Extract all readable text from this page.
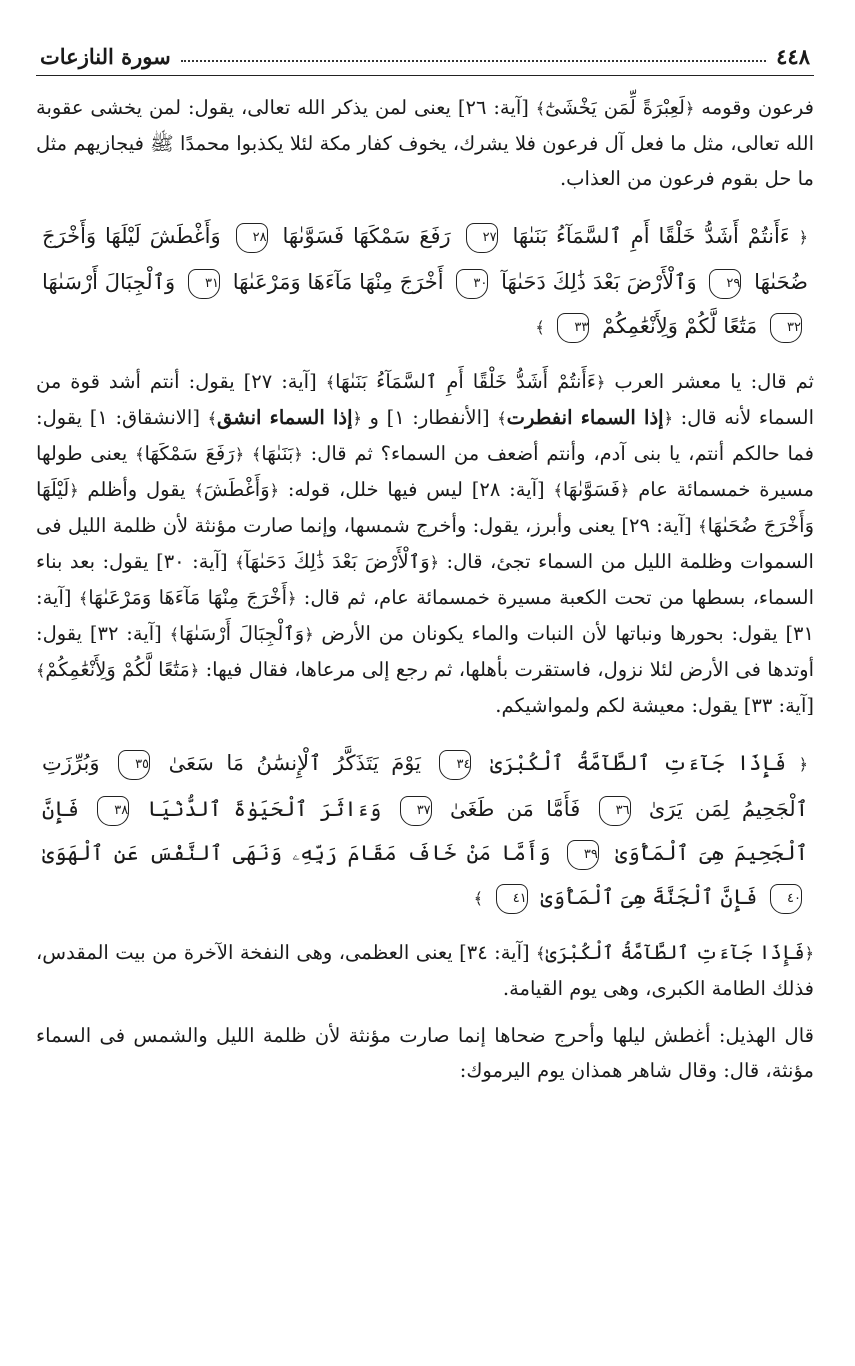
٤٤٨
سورة النازعات

فرعون وقومه ﴿لَعِبْرَةً لِّمَن يَخْشَىٰٓ﴾ [آية: ٢٦] يعنى لمن يذكر الله تعالى، يقول: لمن يخشى عقوبة الله تعالى، مثل ما فعل آل فرعون فلا يشرك، يخوف كفار مكة لئلا يكذبوا محمدًا ﷺ فيجازيهم مثل ما حل بقوم فرعون من العذاب.

﴿ ءَأَنتُمْ أَشَدُّ خَلْقًا أَمِ ٱلسَّمَآءُ بَنَىٰهَا ٢٧ رَفَعَ سَمْكَهَا فَسَوَّىٰهَا ٢٨ وَأَغْطَشَ لَيْلَهَا وَأَخْرَجَ ضُحَىٰهَا ٢٩ وَٱلْأَرْضَ بَعْدَ ذَٰلِكَ دَحَىٰهَآ ٣٠ أَخْرَجَ مِنْهَا مَآءَهَا وَمَرْعَىٰهَا ٣١ وَٱلْجِبَالَ أَرْسَىٰهَا ٣٢ مَتَٰعًا لَّكُمْ وَلِأَنْعَٰمِكُمْ ٣٣ ﴾

ثم قال: يا معشر العرب ﴿ءَأَنتُمْ أَشَدُّ خَلْقًا أَمِ ٱلسَّمَآءُ بَنَىٰهَا﴾ [آية: ٢٧] يقول: أنتم أشد قوة من السماء لأنه قال: ﴿إذا السماء انفطرت﴾ [الأنفطار: ١] و ﴿إذا السماء انشق﴾ [الانشقاق: ١] يقول: فما حالكم أنتم، يا بنى آدم، وأنتم أضعف من السماء؟ ثم قال: ﴿بَنَىٰهَا﴾ ﴿رَفَعَ سَمْكَهَا﴾ يعنى طولها مسيرة خمسمائة عام ﴿فَسَوَّىٰهَا﴾ [آية: ٢٨] ليس فيها خلل، قوله: ﴿وَأَغْطَشَ﴾ يقول وأظلم ﴿لَيْلَهَا وَأَخْرَجَ ضُحَىٰهَا﴾ [آية: ٢٩] يعنى وأبرز، يقول: وأخرج شمسها، وإنما صارت مؤنثة لأن ظلمة الليل فى السموات وظلمة الليل من السماء تجئ، قال: ﴿وَٱلْأَرْضَ بَعْدَ ذَٰلِكَ دَحَىٰهَآ﴾ [آية: ٣٠] يقول: بعد بناء السماء، بسطها من تحت الكعبة مسيرة خمسمائة عام، ثم قال: ﴿أَخْرَجَ مِنْهَا مَآءَهَا وَمَرْعَىٰهَا﴾ [آية: ٣١] يقول: بحورها ونباتها لأن النبات والماء يكونان من الأرض ﴿وَٱلْجِبَالَ أَرْسَىٰهَا﴾ [آية: ٣٢] يقول: أوتدها فى الأرض لئلا نزول، فاستقرت بأهلها، ثم رجع إلى مرعاها، فقال فيها: ﴿مَتَٰعًا لَّكُمْ وَلِأَنْعَٰمِكُمْ﴾ [آية: ٣٣] يقول: معيشة لكم ولمواشيكم.

﴿ فَإِذَا جَآءَتِ ٱلطَّآمَّةُ ٱلْكُبْرَىٰ ٣٤ يَوْمَ يَتَذَكَّرُ ٱلْإِنسَٰنُ مَا سَعَىٰ ٣٥ وَبُرِّزَتِ ٱلْجَحِيمُ لِمَن يَرَىٰ ٣٦ فَأَمَّا مَن طَغَىٰ ٣٧ وَءَاثَرَ ٱلْحَيَوٰةَ ٱلدُّنْيَا ٣٨ فَإِنَّ ٱلْجَحِيمَ هِىَ ٱلْمَأْوَىٰ ٣٩ وَأَمَّا مَنْ خَافَ مَقَامَ رَبِّهِۦ وَنَهَى ٱلنَّفْسَ عَنِ ٱلْهَوَىٰ ٤٠ فَإِنَّ ٱلْجَنَّةَ هِىَ ٱلْمَأْوَىٰ ٤١ ﴾

﴿فَإِذَا جَآءَتِ ٱلطَّآمَّةُ ٱلْكُبْرَىٰ﴾ [آية: ٣٤] يعنى العظمى، وهى النفخة الآخرة من بيت المقدس، فذلك الطامة الكبرى، وهى يوم القيامة.

قال الهذيل: أغطش ليلها وأحرج ضحاها إنما صارت مؤنثة لأن ظلمة الليل والشمس فى السماء مؤنثة، قال: وقال شاهر همذان يوم اليرموك:
